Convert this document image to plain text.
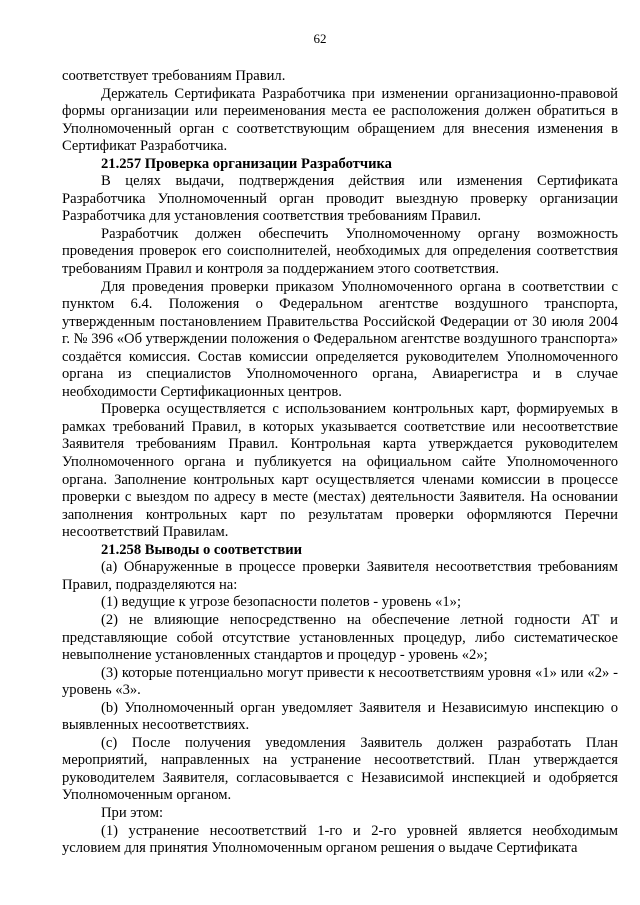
62

соответствует требованиям Правил.

Держатель Сертификата Разработчика при изменении организационно-правовой формы организации или переименования места ее расположения должен обратиться в Уполномоченный орган с соответствующим обращением для внесения изменения в Сертификат Разработчика.

21.257 Проверка организации Разработчика

В целях выдачи, подтверждения действия или изменения Сертификата Разработчика Уполномоченный орган проводит выездную проверку организации Разработчика для установления соответствия требованиям Правил.

Разработчик должен обеспечить Уполномоченному органу возможность проведения проверок его соисполнителей, необходимых для определения соответствия требованиям Правил и контроля за поддержанием этого соответствия.

Для проведения проверки приказом Уполномоченного органа в соответствии с пунктом 6.4. Положения о Федеральном агентстве воздушного транспорта, утвержденным постановлением Правительства Российской Федерации от 30 июля 2004 г. № 396 «Об утверждении положения о Федеральном агентстве воздушного транспорта» создаётся комиссия. Состав комиссии определяется руководителем Уполномоченного органа из специалистов Уполномоченного органа, Авиарегистра и в случае необходимости Сертификационных центров.

Проверка осуществляется с использованием контрольных карт, формируемых в рамках требований Правил, в которых указывается соответствие или несоответствие Заявителя требованиям Правил. Контрольная карта утверждается руководителем Уполномоченного органа и публикуется на официальном сайте Уполномоченного органа. Заполнение контрольных карт осуществляется членами комиссии в процессе проверки с выездом по адресу в месте (местах) деятельности Заявителя. На основании заполнения контрольных карт по результатам проверки оформляются Перечни несоответствий Правилам.

21.258 Выводы о соответствии

(a) Обнаруженные в процессе проверки Заявителя несоответствия требованиям Правил, подразделяются на:

(1) ведущие к угрозе безопасности полетов - уровень «1»;

(2) не влияющие непосредственно на обеспечение летной годности АТ и представляющие собой отсутствие установленных процедур, либо систематическое невыполнение установленных стандартов и процедур - уровень «2»;

(3) которые потенциально могут привести к несоответствиям уровня «1» или «2» - уровень «3».

(b) Уполномоченный орган уведомляет Заявителя и Независимую инспекцию о выявленных несоответствиях.

(c) После получения уведомления Заявитель должен разработать План мероприятий, направленных на устранение несоответствий. План утверждается руководителем Заявителя, согласовывается с Независимой инспекцией и одобряется Уполномоченным органом.

При этом:

(1) устранение несоответствий 1-го и 2-го уровней является необходимым условием для принятия Уполномоченным органом решения о выдаче Сертификата
